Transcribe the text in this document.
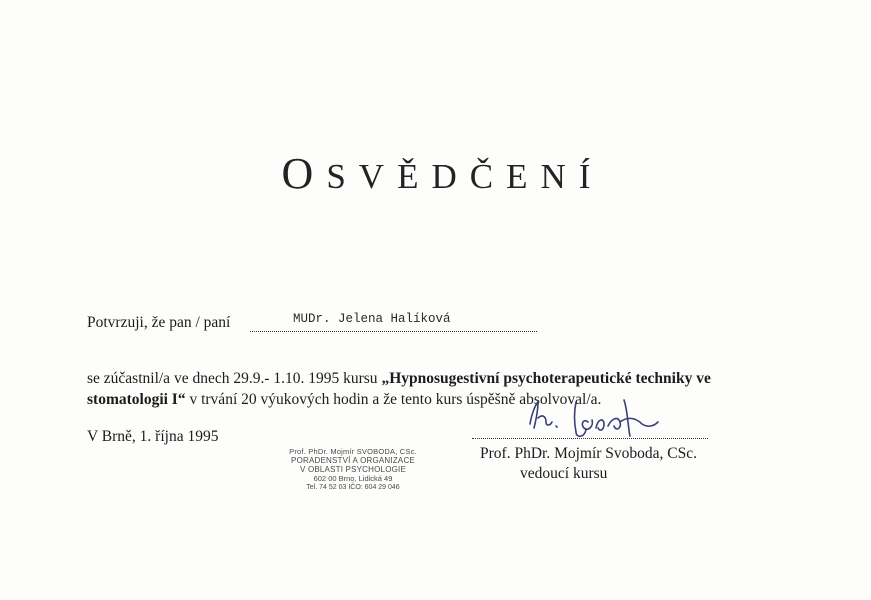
OSVĚDČENÍ
Potvrzuji, že pan / paní	MUDr. Jelena Halíková
se zúčastnil/a ve dnech 29.9.- 1.10. 1995 kursu „Hypnosugestivní psychoterapeutické techniky ve stomatologii I“ v trvání 20 výukových hodin a že tento kurs úspěšně absolvoval/a.
V Brně, 1. října 1995
Prof. PhDr. Mojmír SVOBODA, CSc.
PORADENSTVÍ A ORGANIZACE
V OBLASTI PSYCHOLOGIE
602 00 Brno, Lidická 49
Tel. 74 52 03 IČO: 604 29 046
Prof. PhDr. Mojmír Svoboda, CSc.
vedoucí kursu
